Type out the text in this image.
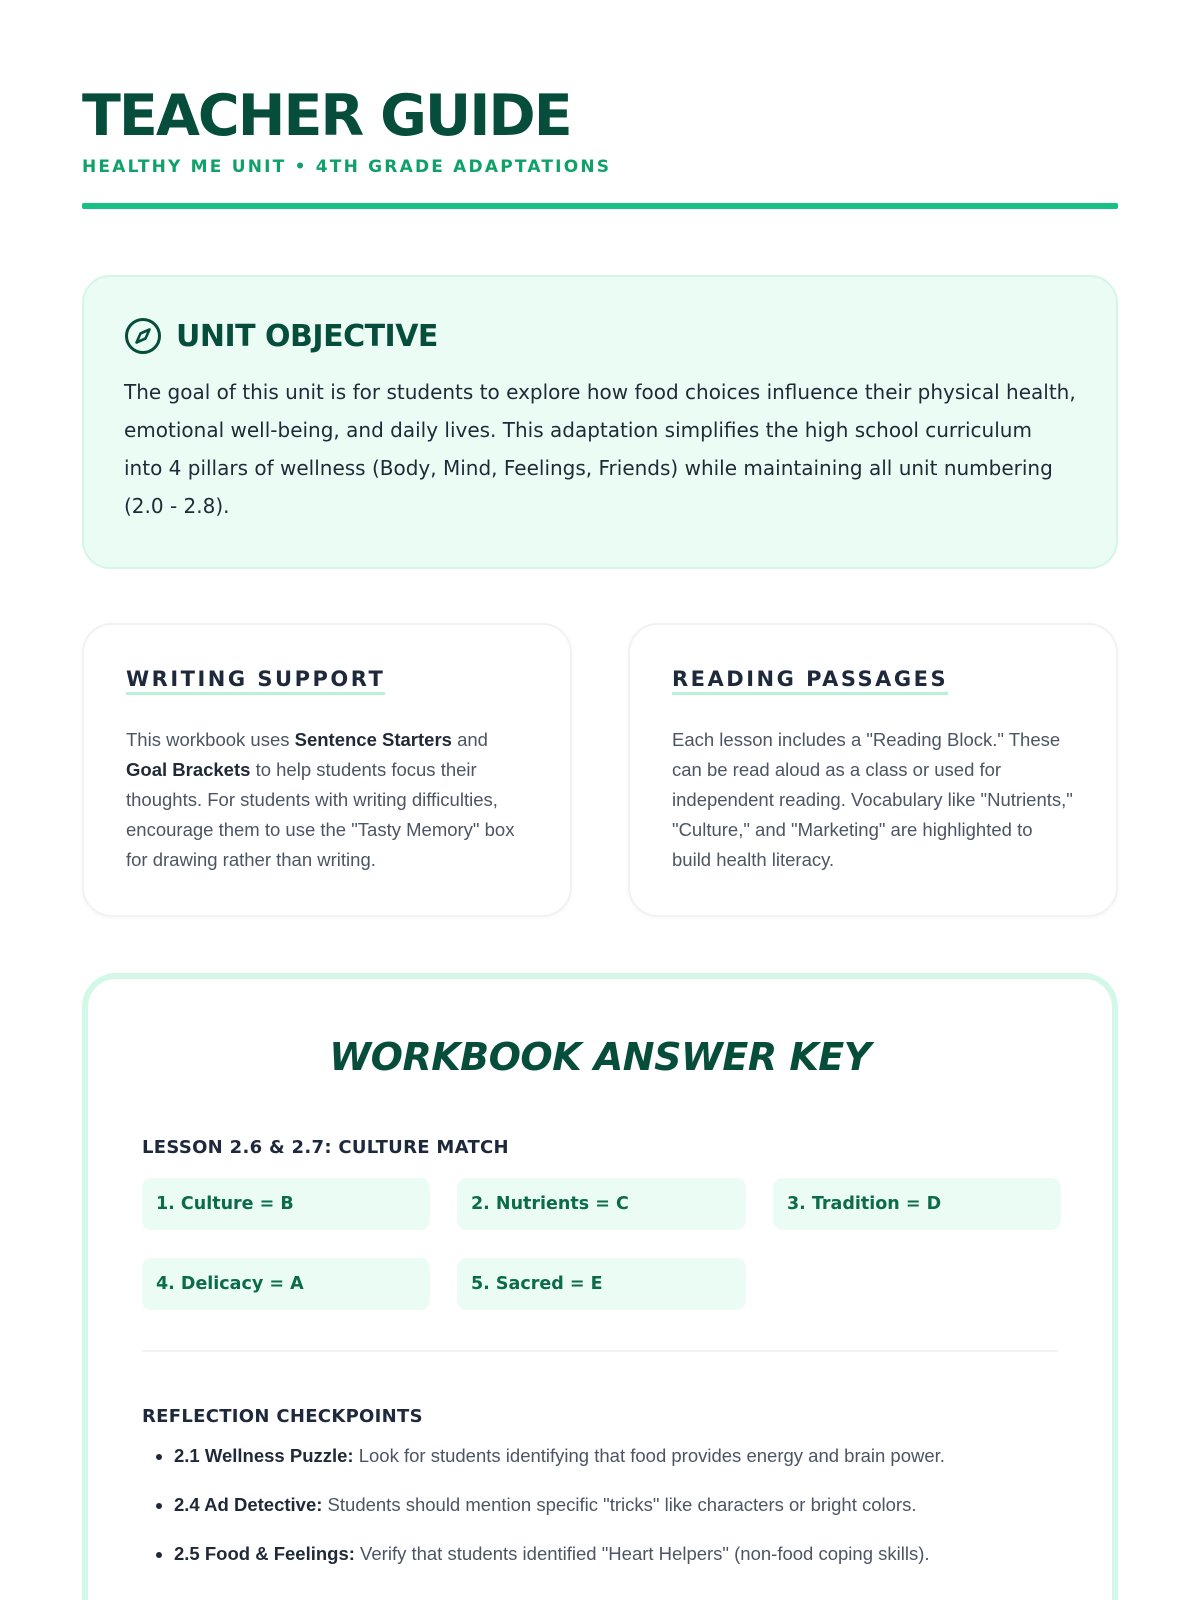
TEACHER GUIDE
HEALTHY ME UNIT • 4TH GRADE ADAPTATIONS
UNIT OBJECTIVE
The goal of this unit is for students to explore how food choices influence their physical health, emotional well-being, and daily lives. This adaptation simplifies the high school curriculum into 4 pillars of wellness (Body, Mind, Feelings, Friends) while maintaining all unit numbering (2.0 - 2.8).
WRITING SUPPORT
This workbook uses Sentence Starters and Goal Brackets to help students focus their thoughts. For students with writing difficulties, encourage them to use the "Tasty Memory" box for drawing rather than writing.
READING PASSAGES
Each lesson includes a "Reading Block." These can be read aloud as a class or used for independent reading. Vocabulary like "Nutrients," "Culture," and "Marketing" are highlighted to build health literacy.
WORKBOOK ANSWER KEY
LESSON 2.6 & 2.7: CULTURE MATCH
1. Culture = B	2. Nutrients = C	3. Tradition = D
4. Delicacy = A	5. Sacred = E
REFLECTION CHECKPOINTS
• 2.1 Wellness Puzzle: Look for students identifying that food provides energy and brain power.
• 2.4 Ad Detective: Students should mention specific "tricks" like characters or bright colors.
• 2.5 Food & Feelings: Verify that students identified "Heart Helpers" (non-food coping skills).
